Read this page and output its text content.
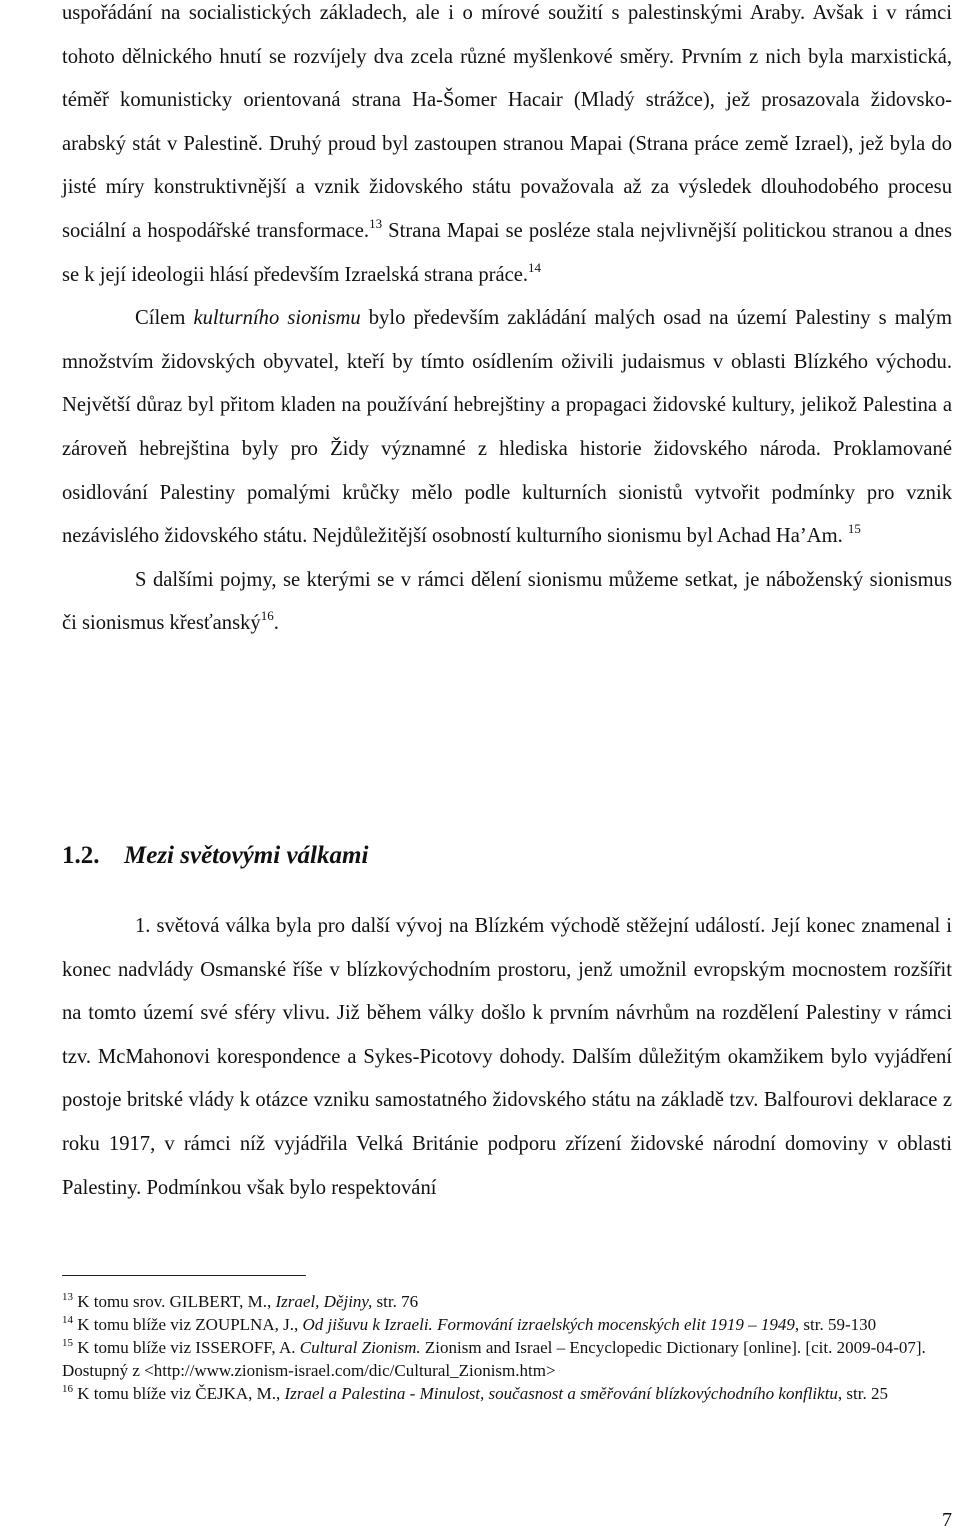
uspořádání na socialistických základech, ale i o mírové soužití s palestinskými Araby. Avšak i v rámci tohoto dělnického hnutí se rozvíjely dva zcela různé myšlenkové směry. Prvním z nich byla marxistická, téměř komunisticky orientovaná strana Ha-Šomer Hacair (Mladý strážce), jež prosazovala židovsko-arabský stát v Palestině. Druhý proud byl zastoupen stranou Mapai (Strana práce země Izrael), jež byla do jisté míry konstruktivnější a vznik židovského státu považovala až za výsledek dlouhodobého procesu sociální a hospodářské transformace.$^{13}$ Strana Mapai se posléze stala nejvlivnější politickou stranou a dnes se k její ideologii hlásí především Izraelská strana práce.$^{14}$

Cílem kulturního sionismu bylo především zakládání malých osad na území Palestiny s malým množstvím židovských obyvatel, kteří by tímto osídlením oživili judaismus v oblasti Blízkého východu. Největší důraz byl přitom kladen na používání hebrejštiny a propagaci židovské kultury, jelikož Palestina a zároveň hebrejština byly pro Židy významné z hlediska historie židovského národa. Proklamované osidlování Palestiny pomalými krůčky mělo podle kulturních sionistů vytvořit podmínky pro vznik nezávislého židovského státu. Nejdůležitější osobností kulturního sionismu byl Achad Ha’Am. $^{15}$

S dalšími pojmy, se kterými se v rámci dělení sionismu můžeme setkat, je náboženský sionismus či sionismus křesťanský$^{16}$.

1.2. Mezi světovými válkami

1. světová válka byla pro další vývoj na Blízkém východě stěžejní událostí. Její konec znamenal i konec nadvlády Osmanské říše v blízkovýchodním prostoru, jenž umožnil evropským mocnostem rozšířit na tomto území své sféry vlivu. Již během války došlo k prvním návrhům na rozdělení Palestiny v rámci tzv. McMahonovi korespondence a Sykes-Picotovy dohody. Dalším důležitým okamžikem bylo vyjádření postoje britské vlády k otázce vzniku samostatného židovského státu na základě tzv. Balfourovi deklarace z roku 1917, v rámci níž vyjádřila Velká Británie podporu zřízení židovské národní domoviny v oblasti Palestiny. Podmínkou však bylo respektování

$^{13}$ K tomu srov. GILBERT, M., Izrael, Dějiny, str. 76

$^{14}$ K tomu blíže viz ZOUPLNA, J., Od jišuvu k Izraeli. Formování izraelských mocenských elit 1919 – 1949, str. 59-130

$^{15}$ K tomu blíže viz ISSEROFF, A. Cultural Zionism. Zionism and Israel – Encyclopedic Dictionary [online]. [cit. 2009-04-07]. Dostupný z <http://www.zionism-israel.com/dic/Cultural_Zionism.htm>

$^{16}$ K tomu blíže viz ČEJKA, M., Izrael a Palestina - Minulost, současnost a směřování blízkovýchodního konfliktu, str. 25

7
